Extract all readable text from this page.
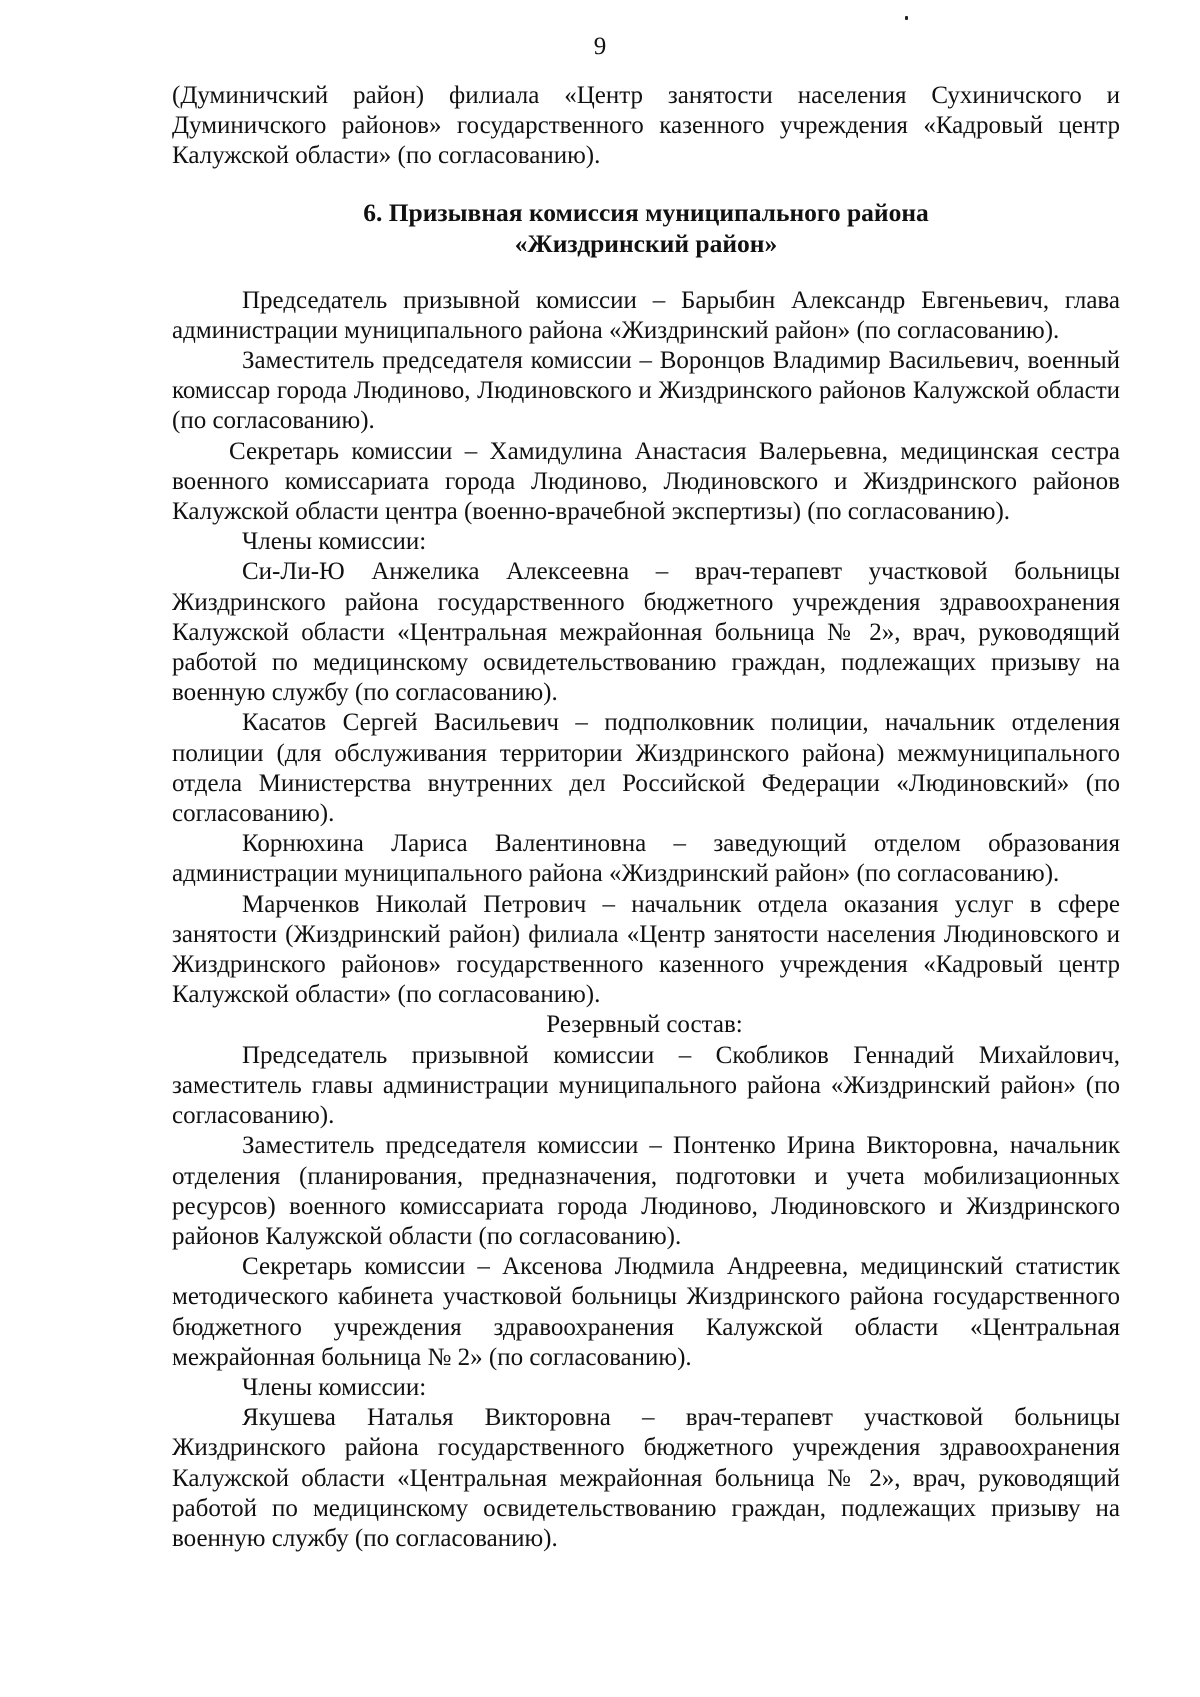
9

(Думиничский район) филиала «Центр занятости населения Сухиничского и Думиничского районов» государственного казенного учреждения «Кадровый центр Калужской области» (по согласованию).

6. Призывная комиссия муниципального района
«Жиздринский район»

Председатель призывной комиссии – Барыбин Александр Евгеньевич, глава администрации муниципального района «Жиздринский район» (по согласованию).

Заместитель председателя комиссии – Воронцов Владимир Васильевич, военный комиссар города Людиново, Людиновского и Жиздринского районов Калужской области (по согласованию).

Секретарь комиссии – Хамидулина Анастасия Валерьевна, медицинская сестра военного комиссариата города Людиново, Людиновского и Жиздринского районов Калужской области центра (военно-врачебной экспертизы) (по согласованию).

Члены комиссии:

Си-Ли-Ю Анжелика Алексеевна – врач-терапевт участковой больницы Жиздринского района государственного бюджетного учреждения здравоохранения Калужской области «Центральная межрайонная больница № 2», врач, руководящий работой по медицинскому освидетельствованию граждан, подлежащих призыву на военную службу (по согласованию).

Касатов Сергей Васильевич – подполковник полиции, начальник отделения полиции (для обслуживания территории Жиздринского района) межмуниципального отдела Министерства внутренних дел Российской Федерации «Людиновский» (по согласованию).

Корнюхина Лариса Валентиновна – заведующий отделом образования администрации муниципального района «Жиздринский район» (по согласованию).

Марченков Николай Петрович – начальник отдела оказания услуг в сфере занятости (Жиздринский район) филиала «Центр занятости населения Людиновского и Жиздринского районов» государственного казенного учреждения «Кадровый центр Калужской области» (по согласованию).

Резервный состав:

Председатель призывной комиссии – Скобликов Геннадий Михайлович, заместитель главы администрации муниципального района «Жиздринский район» (по согласованию).

Заместитель председателя комиссии – Понтенко Ирина Викторовна, начальник отделения (планирования, предназначения, подготовки и учета мобилизационных ресурсов) военного комиссариата города Людиново, Людиновского и Жиздринского районов Калужской области (по согласованию).

Секретарь комиссии – Аксенова Людмила Андреевна, медицинский статистик методического кабинета участковой больницы Жиздринского района государственного бюджетного учреждения здравоохранения Калужской области «Центральная межрайонная больница № 2» (по согласованию).

Члены комиссии:

Якушева Наталья Викторовна – врач-терапевт участковой больницы Жиздринского района государственного бюджетного учреждения здравоохранения Калужской области «Центральная межрайонная больница № 2», врач, руководящий работой по медицинскому освидетельствованию граждан, подлежащих призыву на военную службу (по согласованию).
